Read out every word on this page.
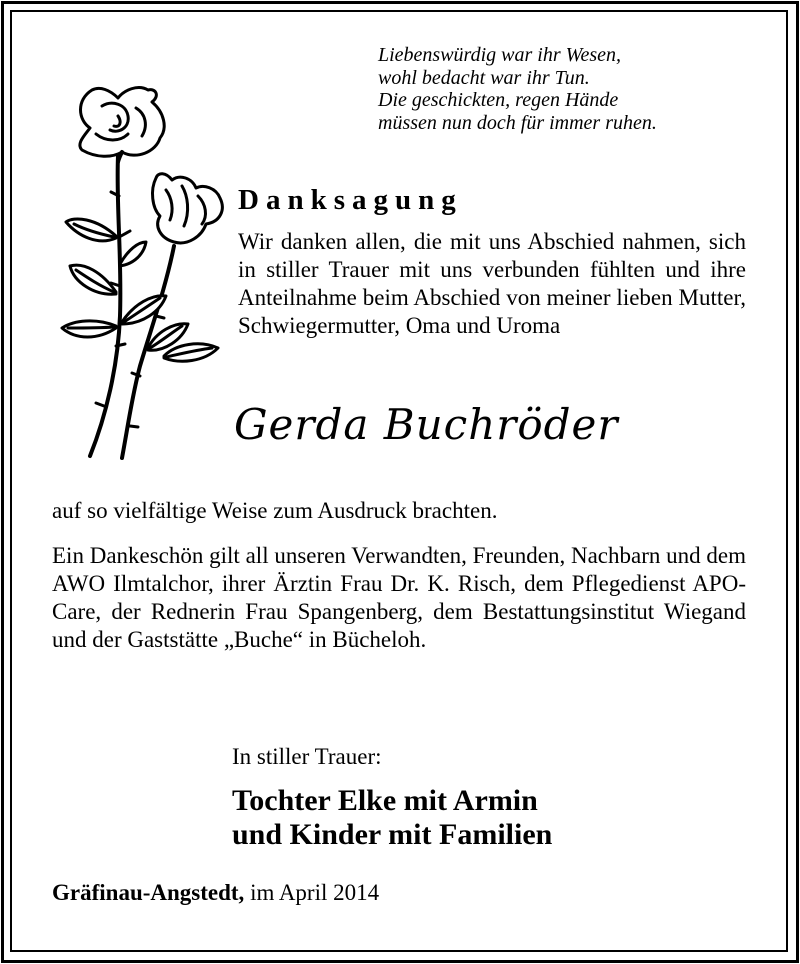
Liebenswürdig war ihr Wesen,
wohl bedacht war ihr Tun.
Die geschickten, regen Hände
müssen nun doch für immer ruhen.
Danksagung
Wir danken allen, die mit uns Abschied nahmen, sich in stiller Trauer mit uns verbunden fühlten und ihre Anteilnahme beim Abschied von meiner lieben Mutter, Schwiegermutter, Oma und Uroma
Gerda Buchröder
auf so vielfältige Weise zum Ausdruck brachten.
Ein Dankeschön gilt all unseren Verwandten, Freunden, Nachbarn und dem AWO Ilmtalchor, ihrer Ärztin Frau Dr. K. Risch, dem Pflegedienst APO-Care, der Rednerin Frau Spangenberg, dem Bestattungsinstitut Wiegand und der Gaststätte „Buche“ in Bücheloh.
In stiller Trauer:
Tochter Elke mit Armin
und Kinder mit Familien
Gräfinau-Angstedt, im April 2014
